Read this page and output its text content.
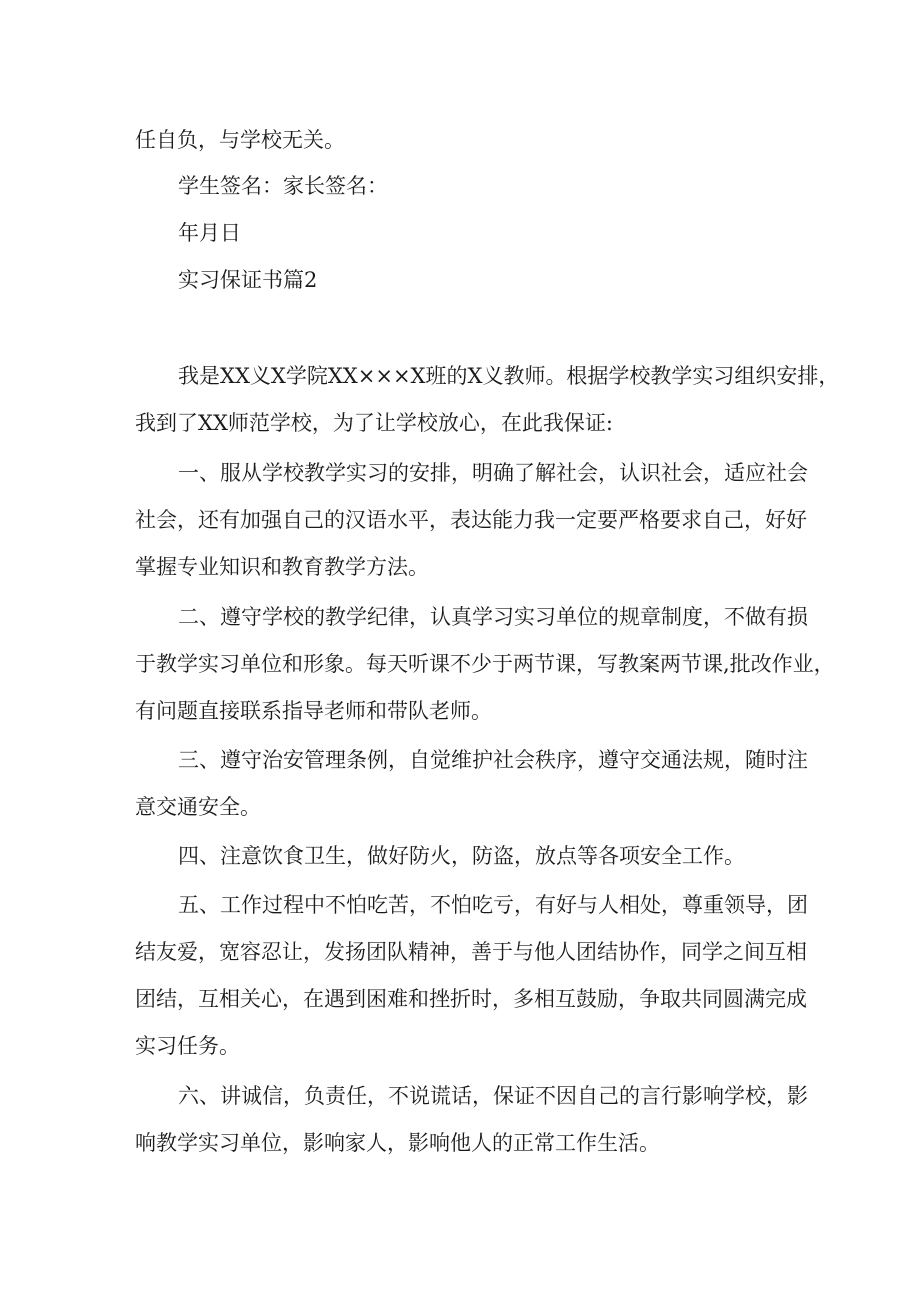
任自负，与学校无关。

学生签名：家长签名：

年月日

实习保证书篇2

我是XX义X学院XX×××X班的X义教师。根据学校教学实习组织安排，

我到了XX师范学校，为了让学校放心，在此我保证:

一、服从学校教学实习的安排，明确了解社会，认识社会，适应社会

社会，还有加强自己的汉语水平，表达能力我一定要严格要求自己，好好

掌握专业知识和教育教学方法。

二、遵守学校的教学纪律，认真学习实习单位的规章制度，不做有损

于教学实习单位和形象。每天听课不少于两节课，写教案两节课,批改作业，

有问题直接联系指导老师和带队老师。

三、遵守治安管理条例，自觉维护社会秩序，遵守交通法规，随时注

意交通安全。

四、注意饮食卫生，做好防火，防盗，放点等各项安全工作。

五、工作过程中不怕吃苦，不怕吃亏，有好与人相处，尊重领导，团

结友爱，宽容忍让，发扬团队精神，善于与他人团结协作，同学之间互相

团结，互相关心，在遇到困难和挫折时，多相互鼓励，争取共同圆满完成

实习任务。

六、讲诚信，负责任，不说谎话，保证不因自己的言行影响学校，影

响教学实习单位，影响家人，影响他人的正常工作生活。
